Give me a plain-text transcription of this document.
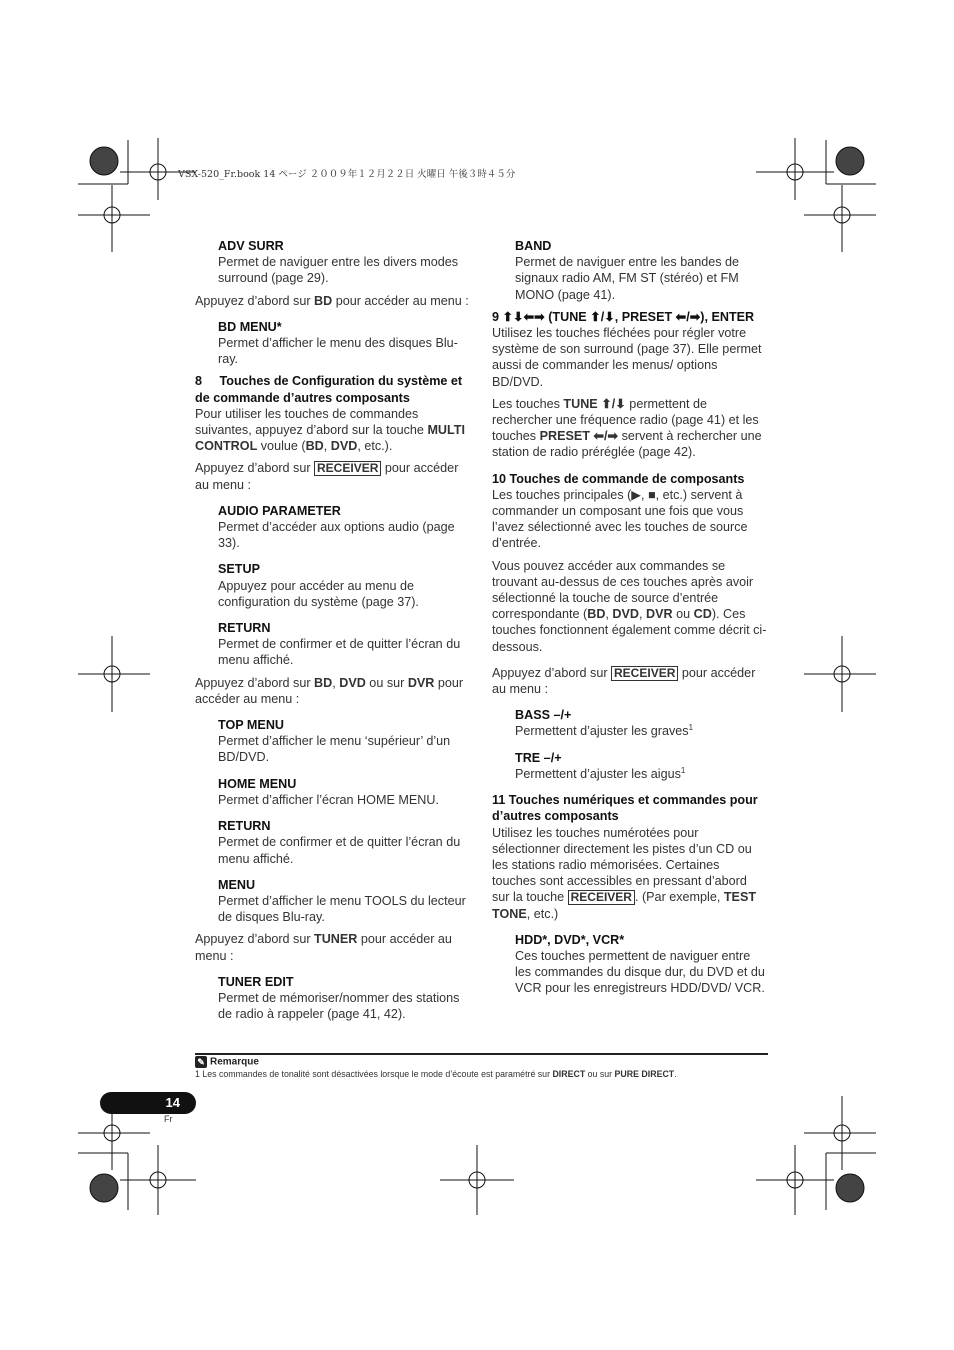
VSX-520_Fr.book 14 ページ ２００９年１２月２２日 火曜日 午後３時４５分
ADV SURR
Permet de naviguer entre les divers modes surround (page 29).
Appuyez d’abord sur BD pour accéder au menu :
BD MENU*
Permet d’afficher le menu des disques Blu-ray.
8 Touches de Configuration du système et de commande d’autres composants
Pour utiliser les touches de commandes suivantes, appuyez d’abord sur la touche MULTI CONTROL voulue (BD, DVD, etc.).
Appuyez d’abord sur RECEIVER pour accéder au menu :
AUDIO PARAMETER
Permet d’accéder aux options audio (page 33).
SETUP
Appuyez pour accéder au menu de configuration du système (page 37).
RETURN
Permet de confirmer et de quitter l’écran du menu affiché.
Appuyez d’abord sur BD, DVD ou sur DVR pour accéder au menu :
TOP MENU
Permet d’afficher le menu ‘supérieur’ d’un BD/DVD.
HOME MENU
Permet d’afficher l’écran HOME MENU.
RETURN
Permet de confirmer et de quitter l’écran du menu affiché.
MENU
Permet d’afficher le menu TOOLS du lecteur de disques Blu-ray.
Appuyez d’abord sur TUNER pour accéder au menu :
TUNER EDIT
Permet de mémoriser/nommer des stations de radio à rappeler (page 41, 42).
BAND
Permet de naviguer entre les bandes de signaux radio AM, FM ST (stéréo) et FM MONO (page 41).
9 ⬆⬇⬅➡ (TUNE ⬆/⬇, PRESET ⬅/➡), ENTER
Utilisez les touches fléchées pour régler votre système de son surround (page 37). Elle permet aussi de commander les menus/ options BD/DVD.
Les touches TUNE ⬆/⬇ permettent de rechercher une fréquence radio (page 41) et les touches PRESET ⬅/➡ servent à rechercher une station de radio préréglée (page 42).
10 Touches de commande de composants
Les touches principales (▶, ■, etc.) servent à commander un composant une fois que vous l’avez sélectionné avec les touches de source d’entrée.
Vous pouvez accéder aux commandes se trouvant au-dessus de ces touches après avoir sélectionné la touche de source d’entrée correspondante (BD, DVD, DVR ou CD). Ces touches fonctionnent également comme décrit ci-dessous.
Appuyez d’abord sur RECEIVER pour accéder au menu :
BASS –/+
Permettent d’ajuster les graves$^1$
TRE –/+
Permettent d’ajuster les aigus$^1$
11 Touches numériques et commandes pour d’autres composants
Utilisez les touches numérotées pour sélectionner directement les pistes d’un CD ou les stations radio mémorisées. Certaines touches sont accessibles en pressant d’abord sur la touche RECEIVER . (Par exemple, TEST TONE, etc.)
HDD*, DVD*, VCR*
Ces touches permettent de naviguer entre les commandes du disque dur, du DVD et du VCR pour les enregistreurs HDD/DVD/ VCR.
✎ Remarque
1 Les commandes de tonalité sont désactivées lorsque le mode d’écoute est paramétré sur DIRECT ou sur PURE DIRECT.
14
Fr
